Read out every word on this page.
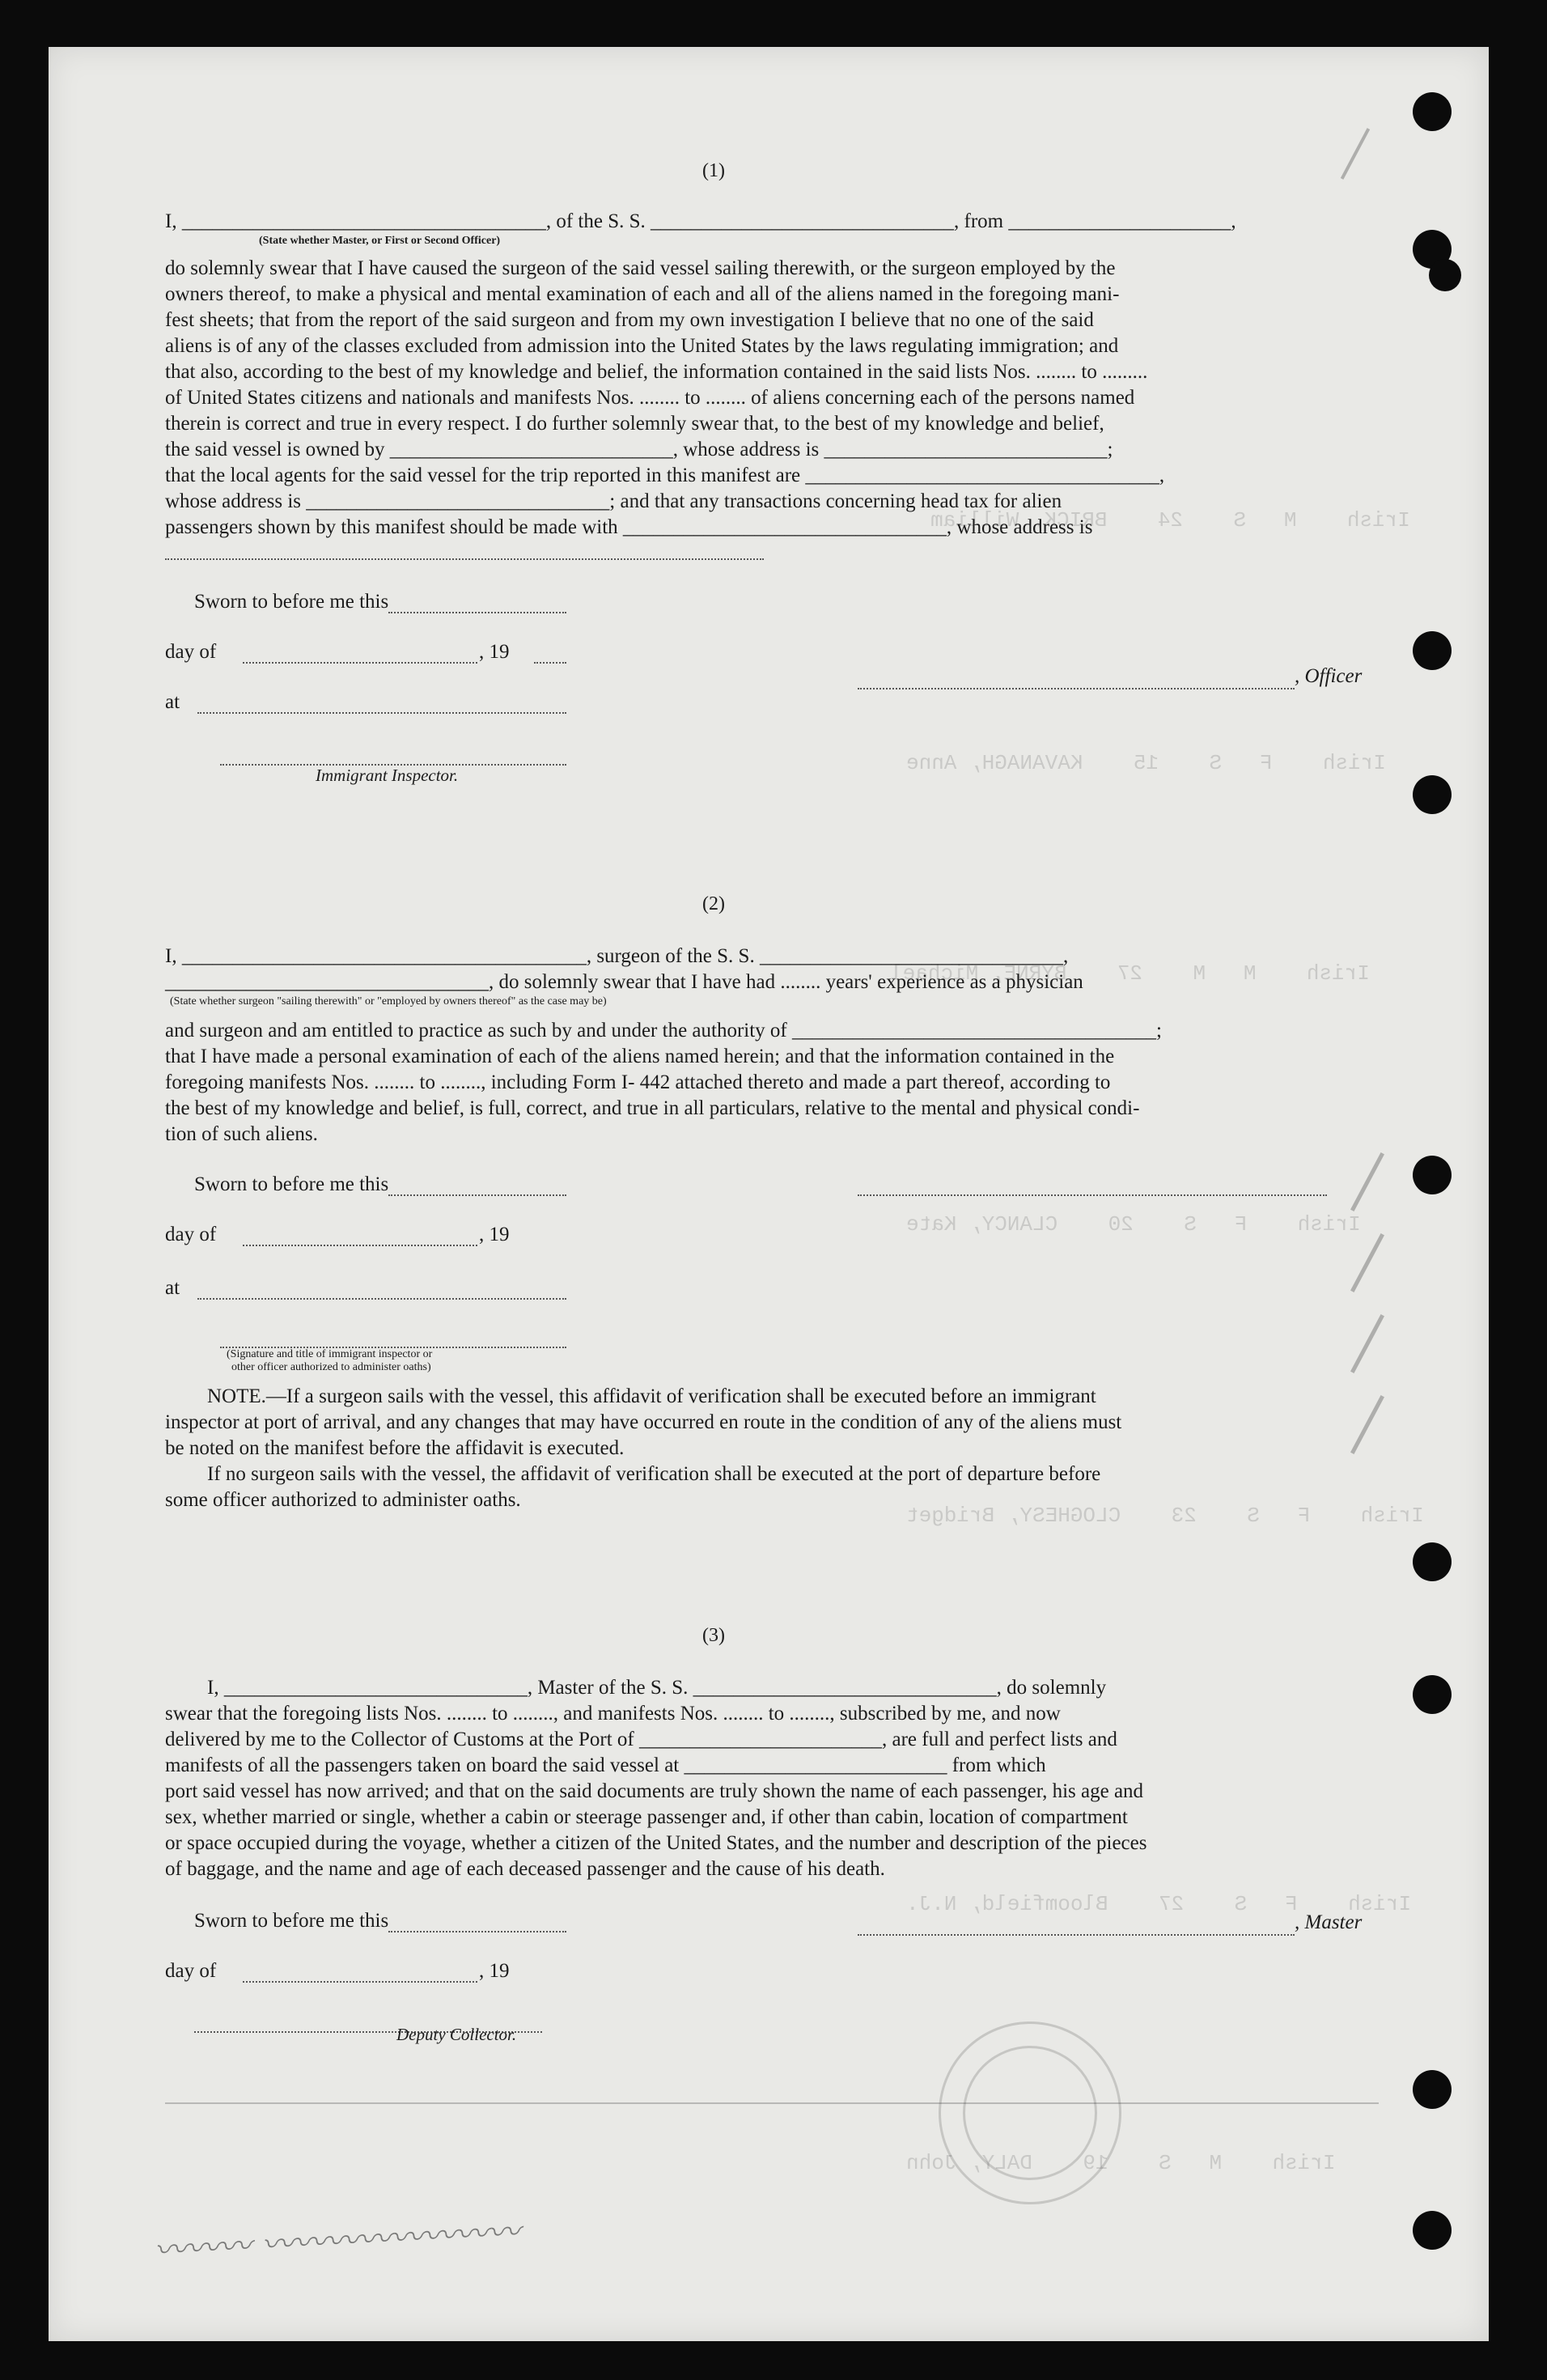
Irish    M   S    24    BRICK, William
Irish    F   S    15    KAVANAGH, Anne
Irish    M   M    27    BYRNE, Michael
Irish    F   S    20    CLANCY, Kate
Irish    F   S    23    CLOGHESY, Bridget
Irish    F   S    27    Bloomfield, N.J.
Irish    M   S    19    DALY, John
〰〰〰 〰〰〰〰〰〰〰〰
(1)
I, ____________________________________, of the S. S. ______________________________, from ______________________,
(State whether Master, or First or Second Officer)
do solemnly swear that I have caused the surgeon of the said vessel sailing therewith, or the surgeon employed by the
owners thereof, to make a physical and mental examination of each and all of the aliens named in the foregoing mani-
fest sheets; that from the report of the said surgeon and from my own investigation I believe that no one of the said
aliens is of any of the classes excluded from admission into the United States by the laws regulating immigration; and
that also, according to the best of my knowledge and belief, the information contained in the said lists Nos. ........ to .........
of United States citizens and nationals and manifests Nos. ........ to ........ of aliens concerning each of the persons named
therein is correct and true in every respect. I do further solemnly swear that, to the best of my knowledge and belief,
the said vessel is owned by ____________________________, whose address is ____________________________;
that the local agents for the said vessel for the trip reported in this manifest are ___________________________________,
whose address is ______________________________; and that any transactions concerning head tax for alien
passengers shown by this manifest should be made with ________________________________, whose address is
Sworn to before me this
day of	, 19
, Officer
at
Immigrant Inspector.
(2)
I, ________________________________________, surgeon of the S. S. ______________________________,
________________________________, do solemnly swear that I have had ........ years' experience as a physician
(State whether surgeon "sailing therewith" or "employed by owners thereof" as the case may be)
and surgeon and am entitled to practice as such by and under the authority of ____________________________________;
that I have made a personal examination of each of the aliens named herein; and that the information contained in the
foregoing manifests Nos. ........ to ........, including Form I- 442 attached thereto and made a part thereof, according to
the best of my knowledge and belief, is full, correct, and true in all particulars, relative to the mental and physical condi-
tion of such aliens.
Sworn to before me this
day of	, 19
at
(Signature and title of immigrant inspector or
other officer authorized to administer oaths)
NOTE.—If a surgeon sails with the vessel, this affidavit of verification shall be executed before an immigrant
inspector at port of arrival, and any changes that may have occurred en route in the condition of any of the aliens must
be noted on the manifest before the affidavit is executed.
If no surgeon sails with the vessel, the affidavit of verification shall be executed at the port of departure before
some officer authorized to administer oaths.
(3)
I, ______________________________, Master of the S. S. ______________________________, do solemnly
swear that the foregoing lists Nos. ........ to ........, and manifests Nos. ........ to ........, subscribed by me, and now
delivered by me to the Collector of Customs at the Port of ________________________, are full and perfect lists and
manifests of all the passengers taken on board the said vessel at __________________________ from which
port said vessel has now arrived; and that on the said documents are truly shown the name of each passenger, his age and
sex, whether married or single, whether a cabin or steerage passenger and, if other than cabin, location of compartment
or space occupied during the voyage, whether a citizen of the United States, and the number and description of the pieces
of baggage, and the name and age of each deceased passenger and the cause of his death.
Sworn to before me this	, Master
day of	, 19
Deputy Collector.
